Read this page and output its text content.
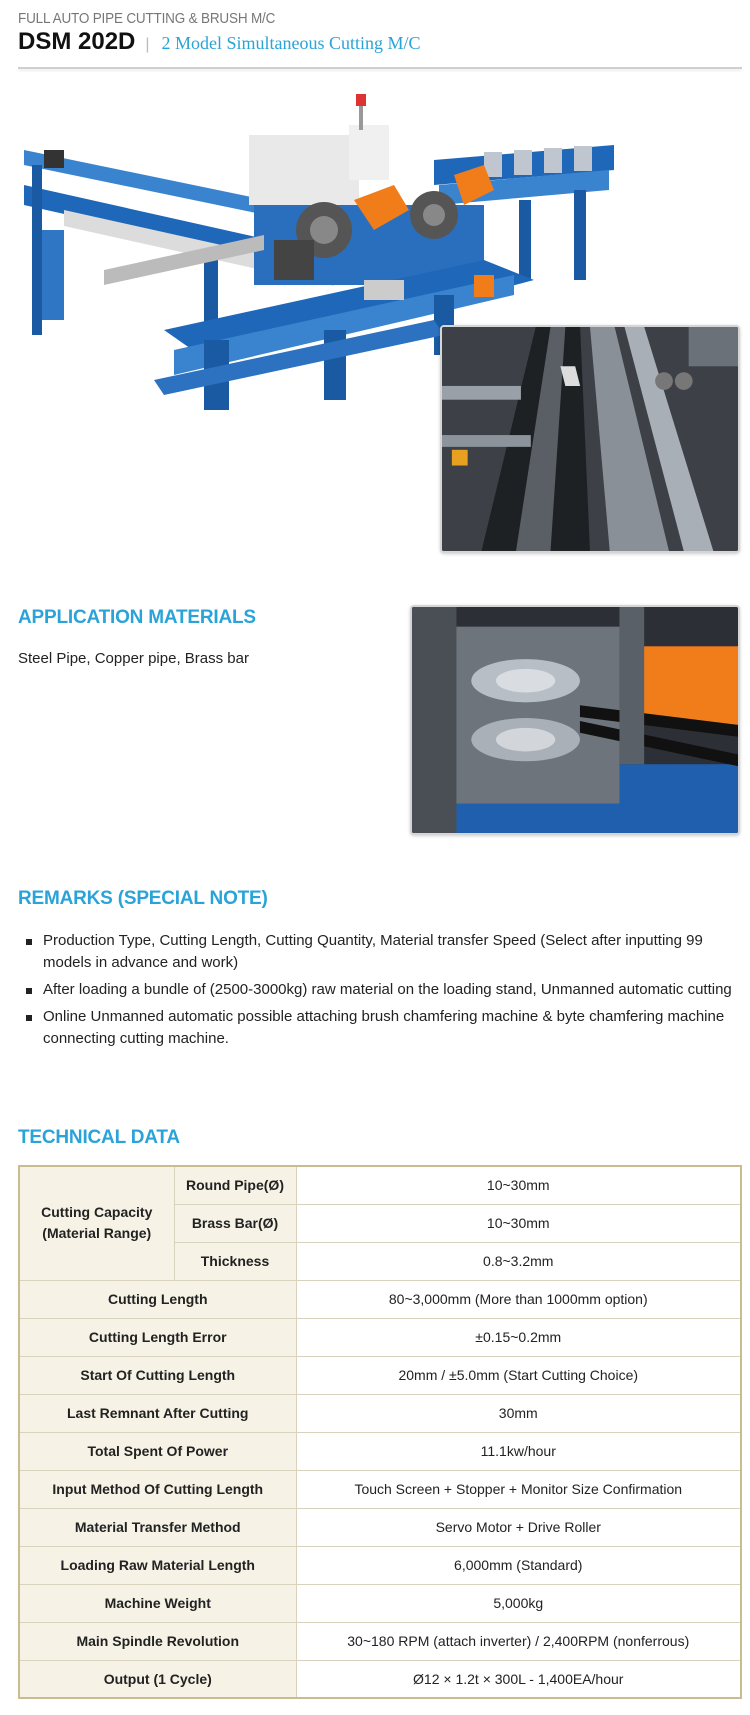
FULL AUTO PIPE CUTTING & BRUSH M/C
DSM 202D | 2 Model Simultaneous Cutting M/C
APPLICATION MATERIALS
Steel Pipe, Copper pipe, Brass bar
REMARKS (SPECIAL NOTE)
Production Type, Cutting Length, Cutting Quantity, Material transfer Speed (Select after inputting 99 models in advance and work)
After loading a bundle of (2500-3000kg) raw material on the loading stand, Unmanned automatic cutting
Online Unmanned automatic possible attaching brush chamfering machine & byte chamfering machine connecting cutting machine.
TECHNICAL DATA
Cutting Capacity (Material Range)	Round Pipe(Ø)	10~30mm
	Brass Bar(Ø)	10~30mm
	Thickness	0.8~3.2mm
Cutting Length		80~3,000mm (More than 1000mm option)
Cutting Length Error		±0.15~0.2mm
Start Of Cutting Length		20mm / ±5.0mm (Start Cutting Choice)
Last Remnant After Cutting		30mm
Total Spent Of Power		11.1kw/hour
Input Method Of Cutting Length		Touch Screen + Stopper + Monitor Size Confirmation
Material Transfer Method		Servo Motor + Drive Roller
Loading Raw Material Length		6,000mm (Standard)
Machine Weight		5,000kg
Main Spindle Revolution		30~180 RPM (attach inverter) / 2,400RPM (nonferrous)
Output (1 Cycle)		Ø12 × 1.2t × 300L - 1,400EA/hour
